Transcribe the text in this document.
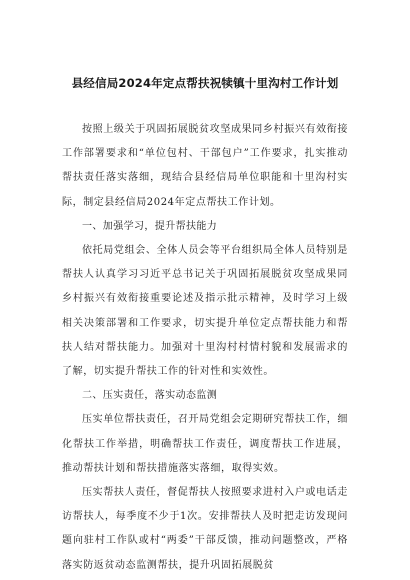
县经信局2024年定点帮扶祝犊镇十里沟村工作计划

按照上级关于巩固拓展脱贫攻坚成果同乡村振兴有效衔接工作部署要求和“单位包村、干部包户”工作要求，扎实推动帮扶责任落实落细，现结合县经信局单位职能和十里沟村实际，制定县经信局2024年定点帮扶工作计划。

一、加强学习，提升帮扶能力

依托局党组会、全体人员会等平台组织局全体人员特别是帮扶人认真学习习近平总书记关于巩固拓展脱贫攻坚成果同乡村振兴有效衔接重要论述及指示批示精神，及时学习上级相关决策部署和工作要求，切实提升单位定点帮扶能力和帮扶人结对帮扶能力。加强对十里沟村村情村貌和发展需求的了解，切实提升帮扶工作的针对性和实效性。

二、压实责任，落实动态监测

压实单位帮扶责任，召开局党组会定期研究帮扶工作，细化帮扶工作举措，明确帮扶工作责任，调度帮扶工作进展，推动帮扶计划和帮扶措施落实落细，取得实效。

压实帮扶人责任，督促帮扶人按照要求进村入户或电话走访帮扶人，每季度不少于1次。安排帮扶人及时把走访发现问题向驻村工作队或村“两委”干部反馈，推动问题整改，严格落实防返贫动态监测帮扶，提升巩固拓展脱贫
